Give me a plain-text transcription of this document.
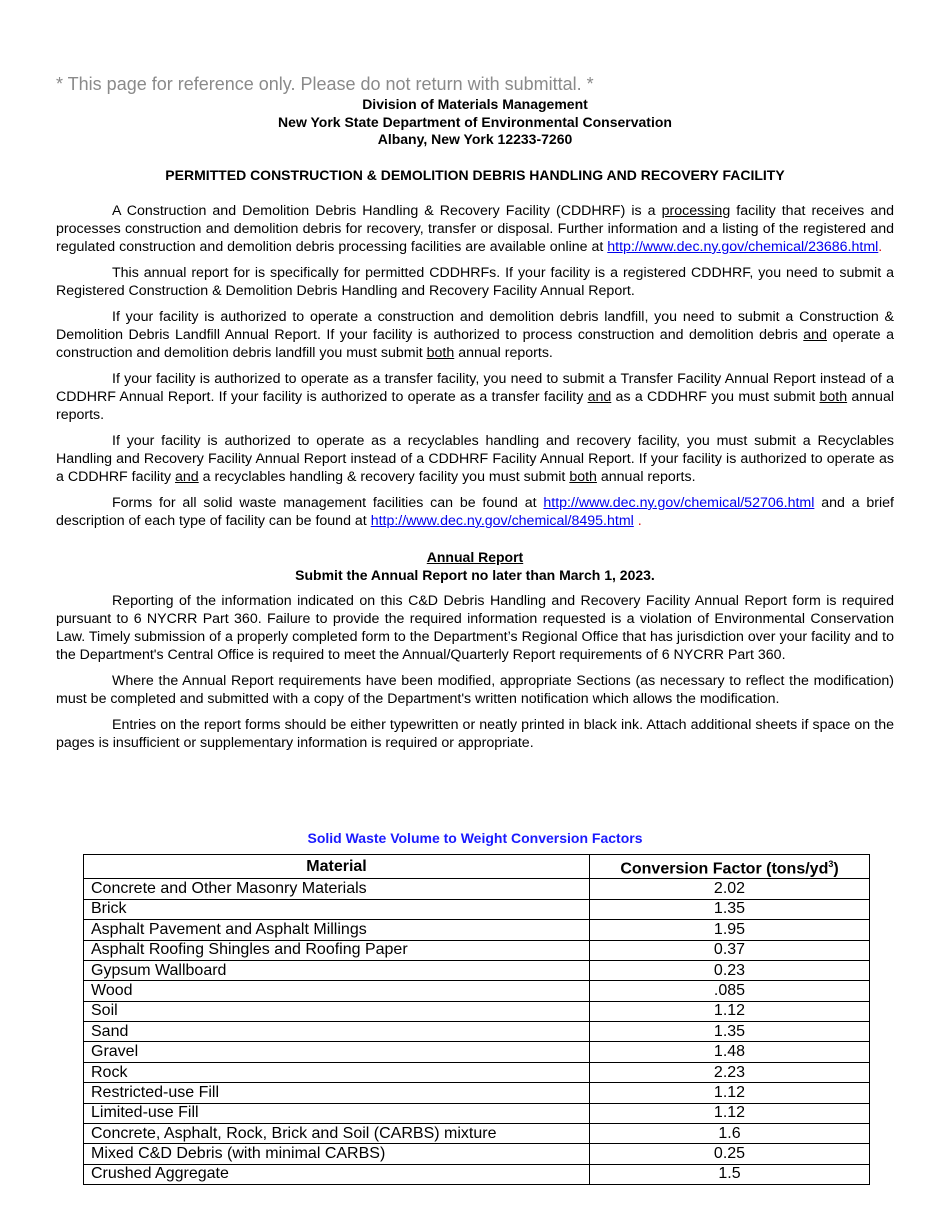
* This page for reference only. Please do not return with submittal. *
Division of Materials Management
New York State Department of Environmental Conservation
Albany, New York 12233-7260
PERMITTED CONSTRUCTION & DEMOLITION DEBRIS HANDLING AND RECOVERY FACILITY

A Construction and Demolition Debris Handling & Recovery Facility (CDDHRF) is a processing facility that receives and processes construction and demolition debris for recovery, transfer or disposal. Further information and a listing of the registered and regulated construction and demolition debris processing facilities are available online at http://www.dec.ny.gov/chemical/23686.html.

This annual report for is specifically for permitted CDDHRFs. If your facility is a registered CDDHRF, you need to submit a Registered Construction & Demolition Debris Handling and Recovery Facility Annual Report.

If your facility is authorized to operate a construction and demolition debris landfill, you need to submit a Construction & Demolition Debris Landfill Annual Report. If your facility is authorized to process construction and demolition debris and operate a construction and demolition debris landfill you must submit both annual reports.

If your facility is authorized to operate as a transfer facility, you need to submit a Transfer Facility Annual Report instead of a CDDHRF Annual Report. If your facility is authorized to operate as a transfer facility and as a CDDHRF you must submit both annual reports.

If your facility is authorized to operate as a recyclables handling and recovery facility, you must submit a Recyclables Handling and Recovery Facility Annual Report instead of a CDDHRF Facility Annual Report. If your facility is authorized to operate as a CDDHRF facility and a recyclables handling & recovery facility you must submit both annual reports.

Forms for all solid waste management facilities can be found at http://www.dec.ny.gov/chemical/52706.html and a brief description of each type of facility can be found at http://www.dec.ny.gov/chemical/8495.html .

Annual Report
Submit the Annual Report no later than March 1, 2023.

Reporting of the information indicated on this C&D Debris Handling and Recovery Facility Annual Report form is required pursuant to 6 NYCRR Part 360. Failure to provide the required information requested is a violation of Environmental Conservation Law. Timely submission of a properly completed form to the Department’s Regional Office that has jurisdiction over your facility and to the Department's Central Office is required to meet the Annual/Quarterly Report requirements of 6 NYCRR Part 360.

Where the Annual Report requirements have been modified, appropriate Sections (as necessary to reflect the modification) must be completed and submitted with a copy of the Department's written notification which allows the modification.

Entries on the report forms should be either typewritten or neatly printed in black ink. Attach additional sheets if space on the pages is insufficient or supplementary information is required or appropriate.

Solid Waste Volume to Weight Conversion Factors
Material	Conversion Factor $(tons/yd^3)$
Concrete and Other Masonry Materials	2.02
Brick	1.35
Asphalt Pavement and Asphalt Millings	1.95
Asphalt Roofing Shingles and Roofing Paper	0.37
Gypsum Wallboard	0.23
Wood	.085
Soil	1.12
Sand	1.35
Gravel	1.48
Rock	2.23
Restricted-use Fill	1.12
Limited-use Fill	1.12
Concrete, Asphalt, Rock, Brick and Soil (CARBS) mixture	1.6
Mixed C&D Debris (with minimal CARBS)	0.25
Crushed Aggregate	1.5
